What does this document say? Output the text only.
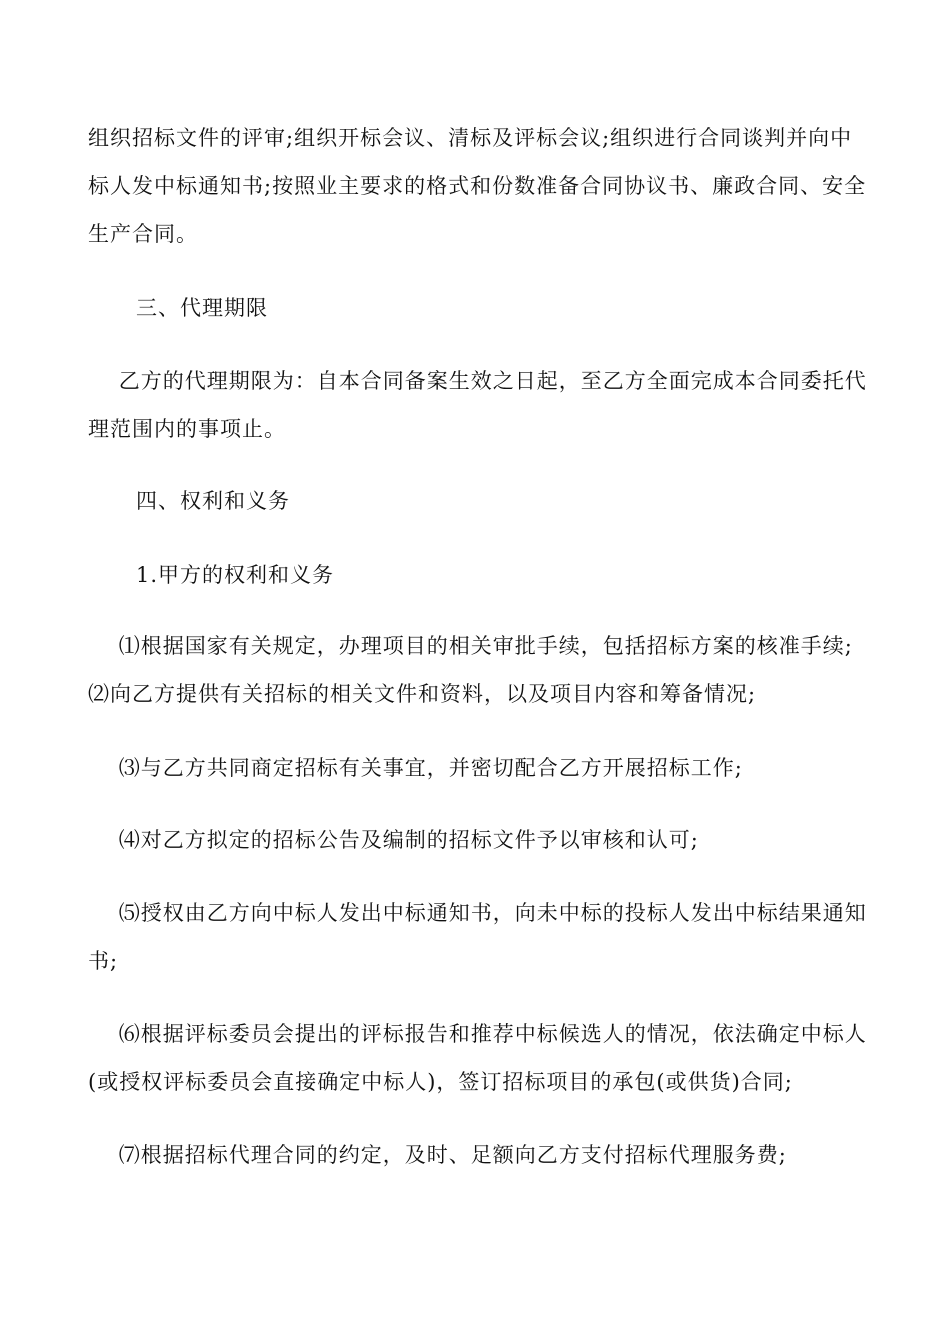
组织招标文件的评审;组织开标会议、清标及评标会议;组织进行合同谈判并向中标人发中标通知书;按照业主要求的格式和份数准备合同协议书、廉政合同、安全生产合同。
三、代理期限
乙方的代理期限为：自本合同备案生效之日起，至乙方全面完成本合同委托代理范围内的事项止。
四、权利和义务
1.甲方的权利和义务
⑴根据国家有关规定，办理项目的相关审批手续，包括招标方案的核准手续;⑵向乙方提供有关招标的相关文件和资料，以及项目内容和筹备情况;
⑶与乙方共同商定招标有关事宜，并密切配合乙方开展招标工作;
⑷对乙方拟定的招标公告及编制的招标文件予以审核和认可;
⑸授权由乙方向中标人发出中标通知书，向未中标的投标人发出中标结果通知书;
⑹根据评标委员会提出的评标报告和推荐中标候选人的情况，依法确定中标人(或授权评标委员会直接确定中标人)，签订招标项目的承包(或供货)合同;
⑺根据招标代理合同的约定，及时、足额向乙方支付招标代理服务费;
